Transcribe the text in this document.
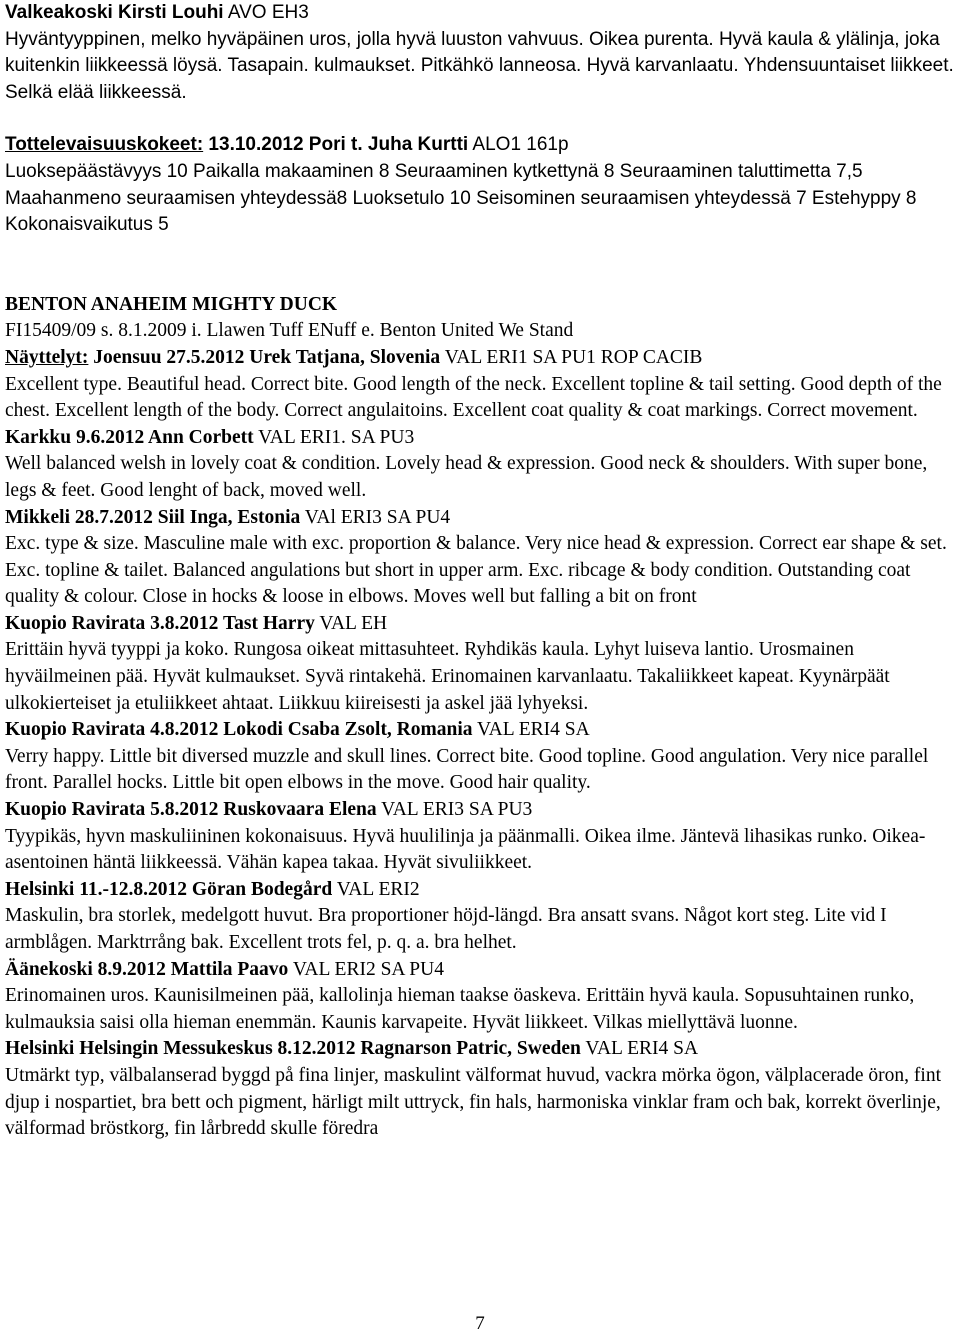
Valkeakoski Kirsti Louhi AVO EH3
Hyväntyyppinen, melko hyväpäinen uros, jolla hyvä luuston vahvuus. Oikea purenta. Hyvä kaula & ylälinja, joka kuitenkin liikkeessä löysä. Tasapain. kulmaukset. Pitkähkö lanneosa. Hyvä karvanlaatu. Yhdensuuntaiset liikkeet. Selkä elää liikkeessä.
Tottelevaisuuskokeet: 13.10.2012 Pori t. Juha Kurtti ALO1 161p
Luoksepäästävyys 10 Paikalla makaaminen 8 Seuraaminen kytkettynä 8 Seuraaminen taluttimetta 7,5 Maahanmeno seuraamisen yhteydessä8 Luoksetulo 10 Seisominen seuraamisen yhteydessä 7 Estehyppy 8 Kokonaisvaikutus 5
BENTON ANAHEIM MIGHTY DUCK
FI15409/09 s. 8.1.2009 i. Llawen Tuff ENuff e. Benton United We Stand
Näyttelyt: Joensuu 27.5.2012 Urek Tatjana, Slovenia VAL ERI1 SA PU1 ROP CACIB
Excellent type. Beautiful head. Correct bite. Good length of the neck. Excellent topline & tail setting. Good depth of the chest. Excellent length of the body. Correct angulaitoins. Excellent coat quality & coat markings. Correct movement.
Karkku 9.6.2012 Ann Corbett VAL ERI1. SA PU3
Well balanced welsh in lovely coat & condition. Lovely head & expression. Good neck & shoulders. With super bone, legs & feet. Good lenght of back, moved well.
Mikkeli 28.7.2012 Siil Inga, Estonia VAl ERI3 SA PU4
Exc. type & size. Masculine male with exc. proportion & balance. Very nice head & expression. Correct ear shape & set. Exc. topline & tailet. Balanced angulations but short in upper arm. Exc. ribcage & body condition. Outstanding coat quality & colour. Close in hocks & loose in elbows. Moves well but falling a bit on front
Kuopio Ravirata 3.8.2012 Tast Harry VAL EH
Erittäin hyvä tyyppi ja koko. Rungosa oikeat mittasuhteet. Ryhdikäs kaula. Lyhyt luiseva lantio. Urosmainen hyväilmeinen pää. Hyvät kulmaukset. Syvä rintakehä. Erinomainen karvanlaatu. Takaliikkeet kapeat. Kyynärpäät ulkokierteiset ja etuliikkeet ahtaat. Liikkuu kiireisesti ja askel jää lyhyeksi.
Kuopio Ravirata 4.8.2012 Lokodi Csaba Zsolt, Romania VAL ERI4 SA
Verry happy. Little bit diversed muzzle and skull lines. Correct bite. Good topline. Good angulation. Very nice parallel front. Parallel hocks. Little bit open elbows in the move. Good hair quality.
Kuopio Ravirata 5.8.2012 Ruskovaara Elena VAL ERI3 SA PU3
Tyypikäs, hyvn maskuliininen kokonaisuus. Hyvä huulilinja ja päänmalli. Oikea ilme. Jäntevä lihasikas runko. Oikea-asentoinen häntä liikkeessä. Vähän kapea takaa. Hyvät sivuliikkeet.
Helsinki 11.-12.8.2012 Göran Bodegård VAL ERI2
Maskulin, bra storlek, medelgott huvut. Bra proportioner höjd-längd. Bra ansatt svans. Något kort steg. Lite vid I armblågen. Marktrrång bak. Excellent trots fel, p. q. a. bra helhet.
Äänekoski 8.9.2012 Mattila Paavo VAL ERI2 SA PU4
Erinomainen uros. Kaunisilmeinen pää, kallolinja hieman taakse öaskeva. Erittäin hyvä kaula. Sopusuhtainen runko, kulmauksia saisi olla hieman enemmän. Kaunis karvapeite. Hyvät liikkeet. Vilkas miellyttävä luonne.
Helsinki Helsingin Messukeskus 8.12.2012 Ragnarson Patric, Sweden VAL ERI4 SA
Utmärkt typ, välbalanserad byggd på fina linjer, maskulint välformat huvud, vackra mörka ögon, välplacerade öron, fint djup i nospartiet, bra bett och pigment, härligt milt uttryck, fin hals, harmoniska vinklar fram och bak, korrekt överlinje, välformad bröstkorg, fin lårbredd skulle föredra
7
